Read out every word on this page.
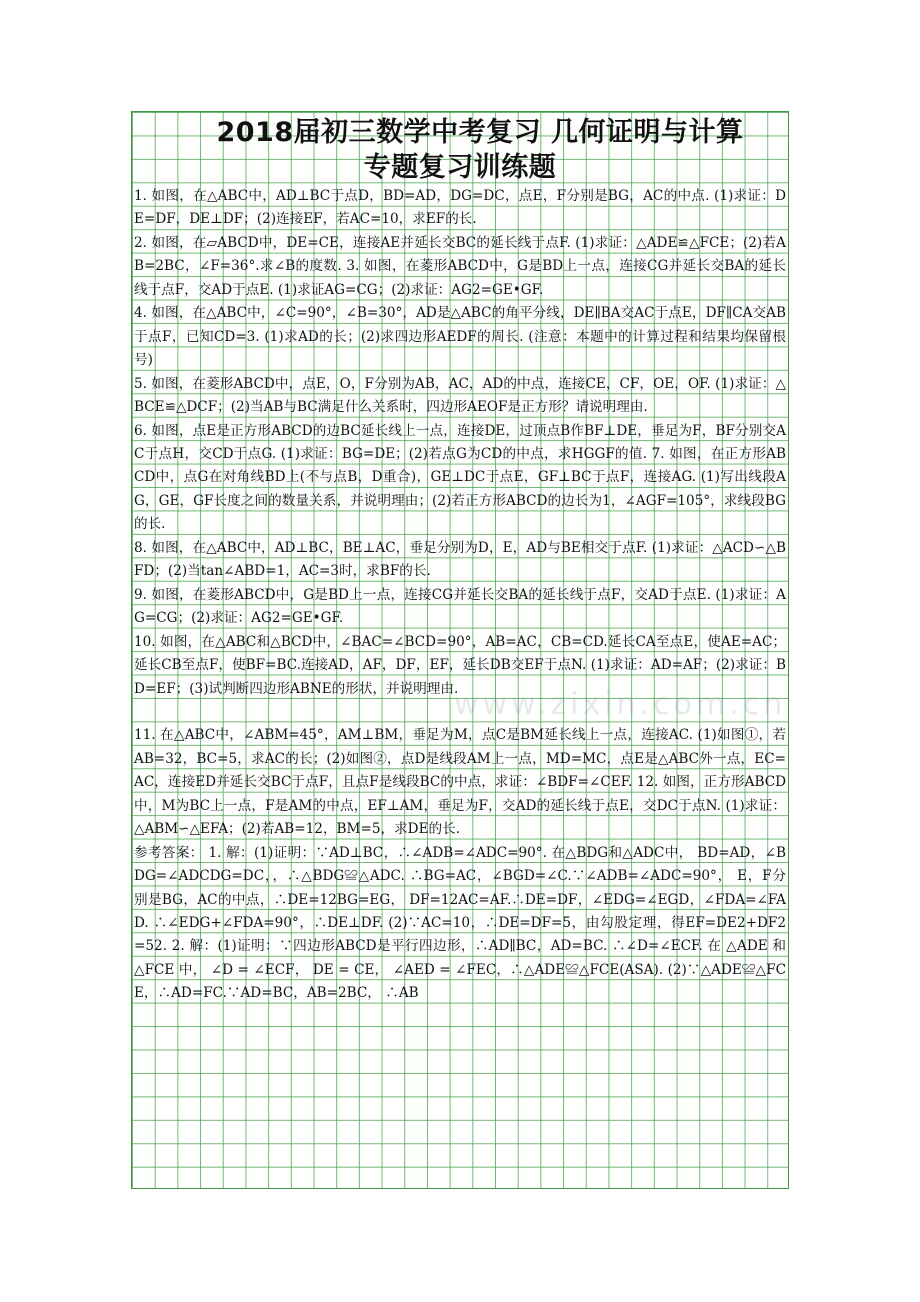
2018届初三数学中考复习 几何证明与计算
专题复习训练题

1. 如图，在△ABC中，AD⊥BC于点D，BD=AD，DG=DC，点E，F分别是BG，AC的中点. (1)求证：DE=DF，DE⊥DF；(2)连接EF，若AC=10，求EF的长.

2. 如图，在▱ABCD中，DE=CE，连接AE并延长交BC的延长线于点F. (1)求证：△ADE≌△FCE；(2)若AB=2BC，∠F=36°.求∠B的度数. 3. 如图，在菱形ABCD中，G是BD上一点，连接CG并延长交BA的延长线于点F，交AD于点E. (1)求证AG=CG；(2)求证：AG2=GE•GF.

4. 如图，在△ABC中，∠C=90°，∠B=30°，AD是△ABC的角平分线，DE∥BA交AC于点E，DF∥CA交AB于点F，已知CD=3. (1)求AD的长；(2)求四边形AEDF的周长. (注意：本题中的计算过程和结果均保留根号)

5. 如图，在菱形ABCD中，点E，O，F分别为AB，AC，AD的中点，连接CE，CF，OE，OF. (1)求证：△BCE≌△DCF；(2)当AB与BC满足什么关系时，四边形AEOF是正方形？请说明理由.

6. 如图，点E是正方形ABCD的边BC延长线上一点，连接DE，过顶点B作BF⊥DE，垂足为F，BF分别交AC于点H，交CD于点G. (1)求证：BG=DE；(2)若点G为CD的中点，求HGGF的值. 7. 如图，在正方形ABCD中，点G在对角线BD上(不与点B，D重合)，GE⊥DC于点E，GF⊥BC于点F，连接AG. (1)写出线段AG，GE，GF长度之间的数量关系，并说明理由；(2)若正方形ABCD的边长为1，∠AGF=105°，求线段BG的长.

8. 如图，在△ABC中，AD⊥BC，BE⊥AC，垂足分别为D，E，AD与BE相交于点F. (1)求证：△ACD∽△BFD；(2)当tan∠ABD=1，AC=3时，求BF的长.

9. 如图，在菱形ABCD中，G是BD上一点，连接CG并延长交BA的延长线于点F，交AD于点E. (1)求证：AG=CG；(2)求证：AG2=GE•GF.

10. 如图，在△ABC和△BCD中，∠BAC=∠BCD=90°，AB=AC，CB=CD.延长CA至点E，使AE=AC；延长CB至点F，使BF=BC.连接AD，AF，DF，EF，延长DB交EF于点N. (1)求证：AD=AF；(2)求证：BD=EF；(3)试判断四边形ABNE的形状，并说明理由.

11. 在△ABC中，∠ABM=45°，AM⊥BM，垂足为M，点C是BM延长线上一点，连接AC. (1)如图①，若AB=32，BC=5，求AC的长；(2)如图②，点D是线段AM上一点，MD=MC，点E是△ABC外一点，EC=AC，连接ED并延长交BC于点F，且点F是线段BC的中点，求证：∠BDF=∠CEF. 12. 如图，正方形ABCD中，M为BC上一点，F是AM的中点，EF⊥AM，垂足为F，交AD的延长线于点E，交DC于点N. (1)求证：△ABM∽△EFA；(2)若AB=12，BM=5，求DE的长.

参考答案： 1. 解：(1)证明：∵AD⊥BC，∴∠ADB=∠ADC=90°. 在△BDG和△ADC中， BD=AD，∠BDG=∠ADCDG=DC，，∴△BDG≌△ADC. ∴BG=AC，∠BGD=∠C.∵∠ADB=∠ADC=90°， E，F分别是BG，AC的中点，∴DE=12BG=EG， DF=12AC=AF.∴DE=DF，∠EDG=∠EGD，∠FDA=∠FAD. ∴∠EDG+∠FDA=90°，∴DE⊥DF. (2)∵AC=10，∴DE=DF=5，由勾股定理，得EF=DE2+DF2=52. 2. 解：(1)证明：∵四边形ABCD是平行四边形，∴AD∥BC，AD=BC. ∴∠D=∠ECF. 在 △ADE 和 △FCE 中， ∠D = ∠ECF， DE = CE， ∠AED = ∠FEC，∴△ADE≌△FCE(ASA). (2)∵△ADE≌△FCE，∴AD=FC.∵AD=BC，AB=2BC， ∴AB

www.zixin.com.cn
